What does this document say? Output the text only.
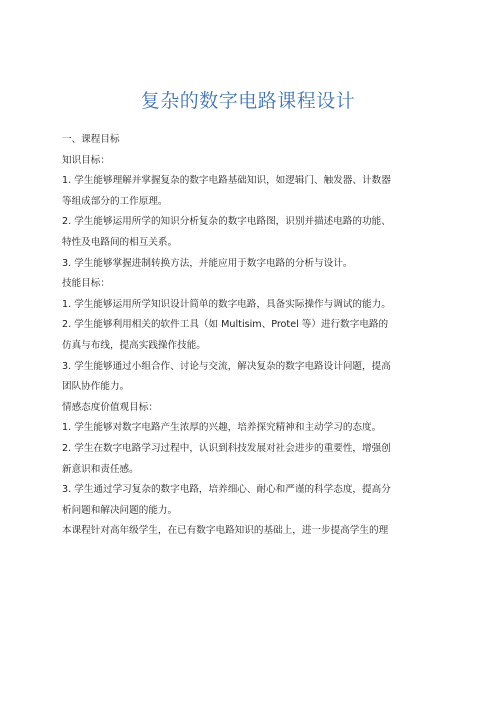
复杂的数字电路课程设计
一、课程目标
知识目标：
1. 学生能够理解并掌握复杂的数字电路基础知识，如逻辑门、触发器、计数器
等组成部分的工作原理。
2. 学生能够运用所学的知识分析复杂的数字电路图，识别并描述电路的功能、
特性及电路间的相互关系。
3. 学生能够掌握进制转换方法，并能应用于数字电路的分析与设计。
技能目标：
1. 学生能够运用所学知识设计简单的数字电路，具备实际操作与调试的能力。
2. 学生能够利用相关的软件工具（如 Multisim、Protel 等）进行数字电路的
仿真与布线，提高实践操作技能。
3. 学生能够通过小组合作、讨论与交流，解决复杂的数字电路设计问题，提高
团队协作能力。
情感态度价值观目标：
1. 学生能够对数字电路产生浓厚的兴趣，培养探究精神和主动学习的态度。
2. 学生在数字电路学习过程中，认识到科技发展对社会进步的重要性，增强创
新意识和责任感。
3. 学生通过学习复杂的数字电路，培养细心、耐心和严谨的科学态度，提高分
析问题和解决问题的能力。
本课程针对高年级学生，在已有数字电路知识的基础上，进一步提高学生的理
